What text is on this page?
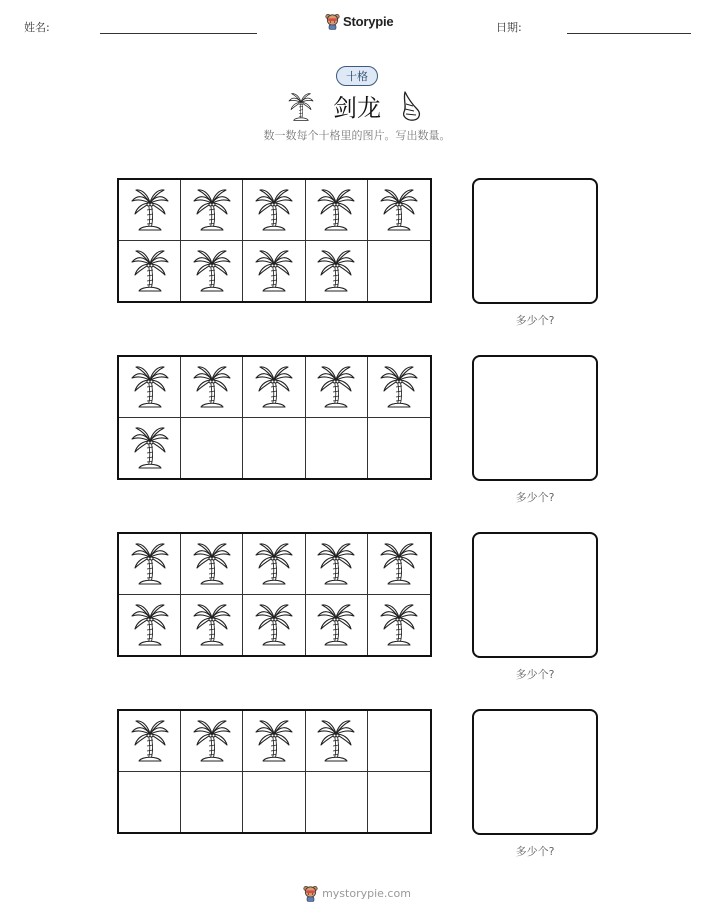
姓名:	Storypie	日期:
十格
剑龙
数一数每个十格里的图片。写出数量。
多少个?
多少个?
多少个?
多少个?
mystorypie.com
